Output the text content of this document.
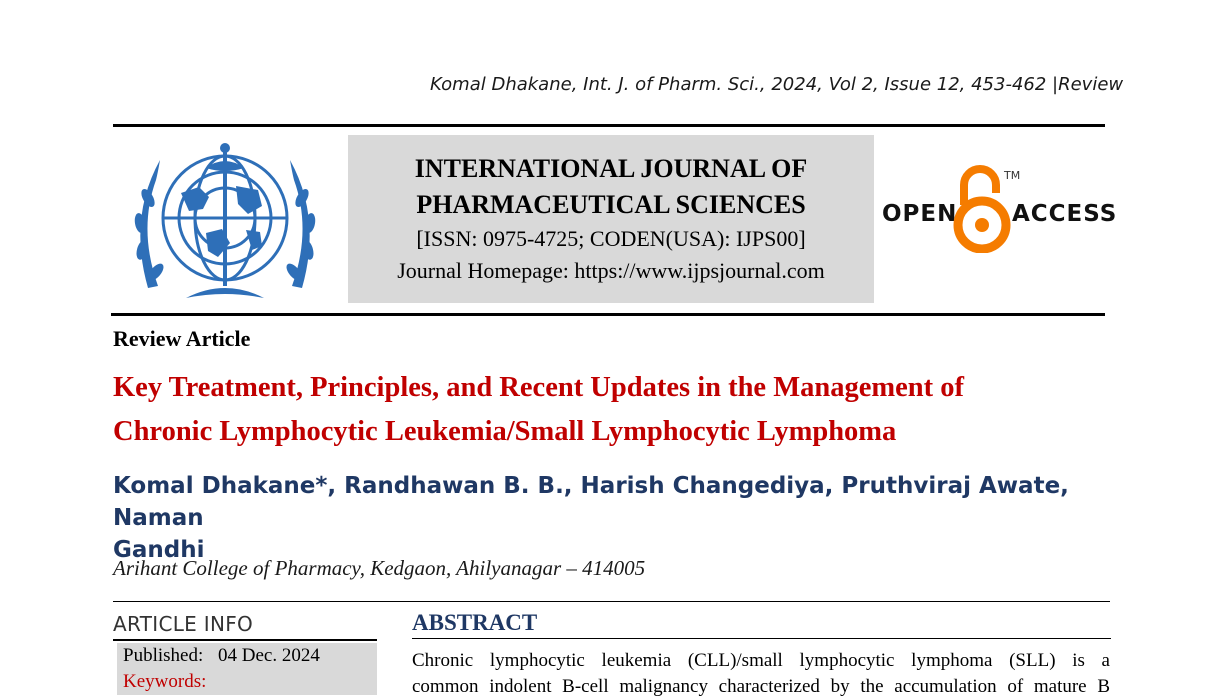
Komal Dhakane, Int. J. of Pharm. Sci., 2024, Vol 2, Issue 12, 453-462 |Review
INTERNATIONAL JOURNAL OF
PHARMACEUTICAL SCIENCES
[ISSN: 0975-4725; CODEN(USA): IJPS00]
Journal Homepage: https://www.ijpsjournal.com
OPEN
TM
ACCESS
Review Article
Key Treatment, Principles, and Recent Updates in the Management of
Chronic Lymphocytic Leukemia/Small Lymphocytic Lymphoma
Komal Dhakane*, Randhawan B. B., Harish Changediya, Pruthviraj Awate, Naman
Gandhi
Arihant College of Pharmacy, Kedgaon, Ahilyanagar – 414005
ARTICLE INFO
Published: 04 Dec. 2024
Keywords:
ABSTRACT
Chronic lymphocytic leukemia (CLL)/small lymphocytic lymphoma (SLL) is a
common indolent B-cell malignancy characterized by the accumulation of mature B
